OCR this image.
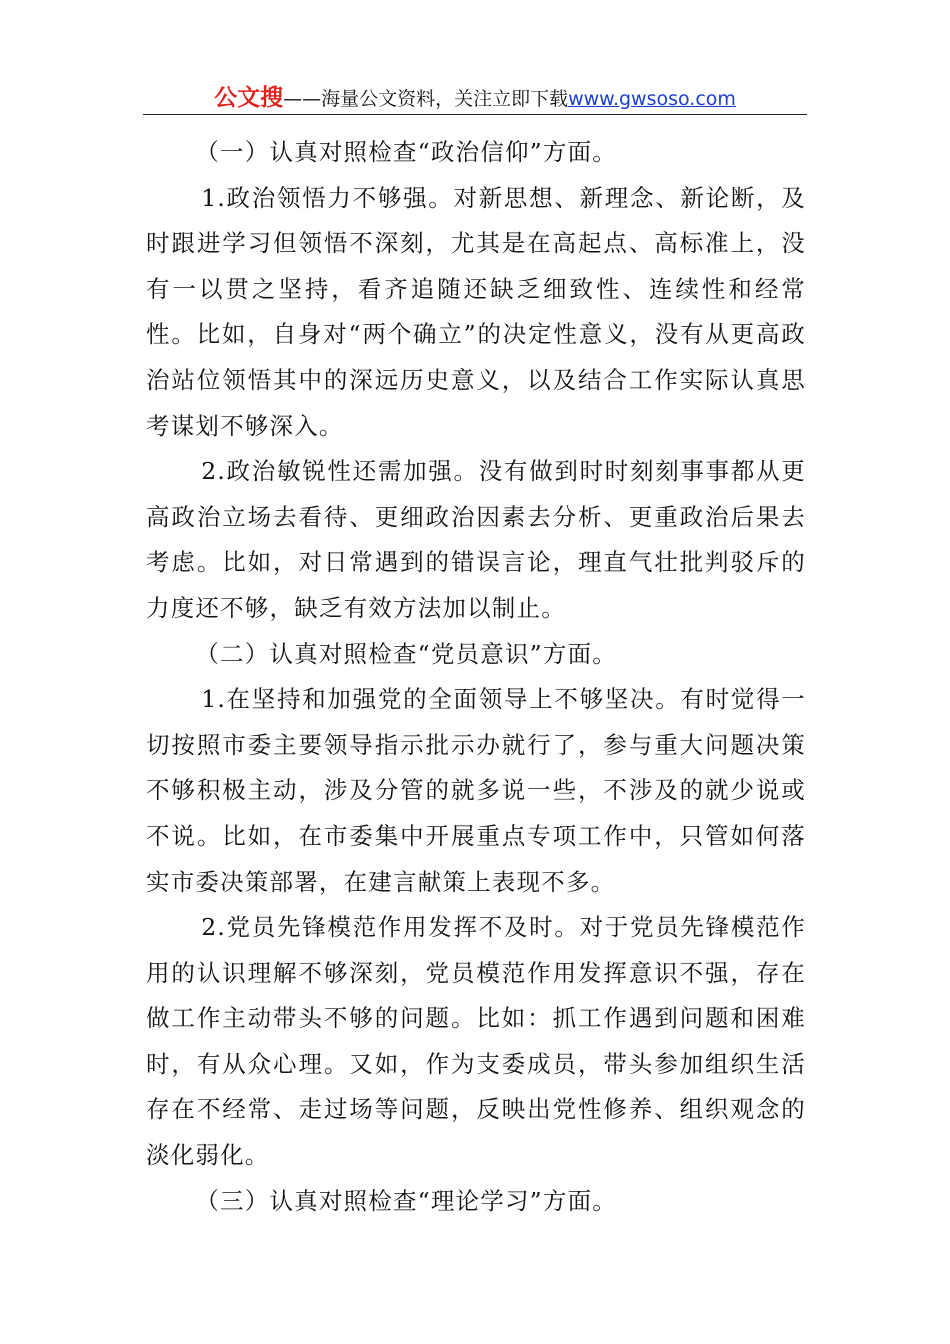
公文搜——海量公文资料，关注立即下载www.gwsoso.com

（一）认真对照检查“政治信仰”方面。

1.政治领悟力不够强。对新思想、新理念、新论断，及时跟进学习但领悟不深刻，尤其是在高起点、高标准上，没有一以贯之坚持，看齐追随还缺乏细致性、连续性和经常性。比如，自身对“两个确立”的决定性意义，没有从更高政治站位领悟其中的深远历史意义，以及结合工作实际认真思考谋划不够深入。

2.政治敏锐性还需加强。没有做到时时刻刻事事都从更高政治立场去看待、更细政治因素去分析、更重政治后果去考虑。比如，对日常遇到的错误言论，理直气壮批判驳斥的力度还不够，缺乏有效方法加以制止。

（二）认真对照检查“党员意识”方面。

1.在坚持和加强党的全面领导上不够坚决。有时觉得一切按照市委主要领导指示批示办就行了，参与重大问题决策不够积极主动，涉及分管的就多说一些，不涉及的就少说或不说。比如，在市委集中开展重点专项工作中，只管如何落实市委决策部署，在建言献策上表现不多。

2.党员先锋模范作用发挥不及时。对于党员先锋模范作用的认识理解不够深刻，党员模范作用发挥意识不强，存在做工作主动带头不够的问题。比如：抓工作遇到问题和困难时，有从众心理。又如，作为支委成员，带头参加组织生活存在不经常、走过场等问题，反映出党性修养、组织观念的淡化弱化。

（三）认真对照检查“理论学习”方面。
